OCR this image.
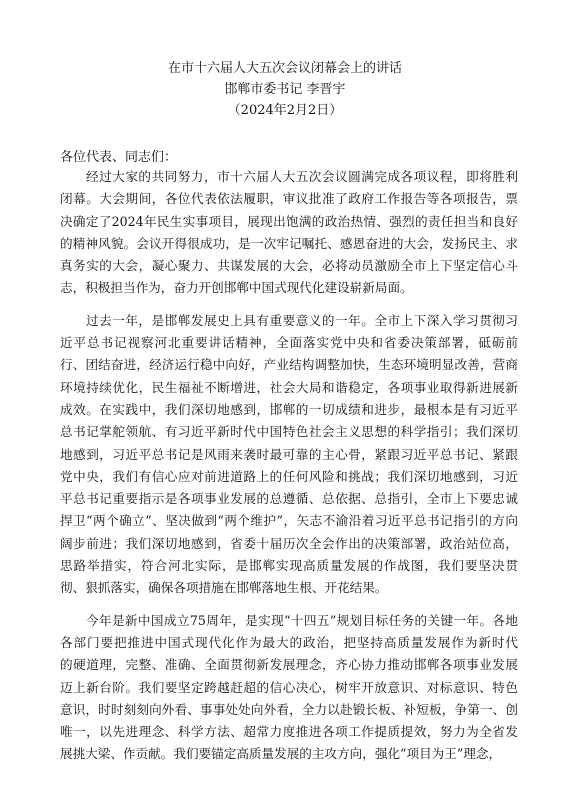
在市十六届人大五次会议闭幕会上的讲话
邯郸市委书记 李晋宇
（2024年2月2日）
各位代表、同志们：
经过大家的共同努力，市十六届人大五次会议圆满完成各项议程，即将胜利
闭幕。大会期间，各位代表依法履职，审议批准了政府工作报告等各项报告，票
决确定了2024年民生实事项目，展现出饱满的政治热情、强烈的责任担当和良好
的精神风貌。会议开得很成功，是一次牢记嘱托、感恩奋进的大会，发扬民主、求
真务实的大会，凝心聚力、共谋发展的大会，必将动员激励全市上下坚定信心斗
志，积极担当作为，奋力开创邯郸中国式现代化建设崭新局面。
过去一年，是邯郸发展史上具有重要意义的一年。全市上下深入学习贯彻习
近平总书记视察河北重要讲话精神，全面落实党中央和省委决策部署，砥砺前
行、团结奋进，经济运行稳中向好，产业结构调整加快，生态环境明显改善，营商
环境持续优化，民生福祉不断增进，社会大局和谐稳定，各项事业取得新进展新
成效。在实践中，我们深切地感到，邯郸的一切成绩和进步，最根本是有习近平
总书记掌舵领航、有习近平新时代中国特色社会主义思想的科学指引；我们深切
地感到，习近平总书记是风雨来袭时最可靠的主心骨，紧跟习近平总书记、紧跟
党中央，我们有信心应对前进道路上的任何风险和挑战；我们深切地感到，习近
平总书记重要指示是各项事业发展的总遵循、总依据、总指引，全市上下要忠诚
捍卫“两个确立”、坚决做到“两个维护”，矢志不渝沿着习近平总书记指引的方向
阔步前进；我们深切地感到，省委十届历次全会作出的决策部署，政治站位高，
思路举措实，符合河北实际，是邯郸实现高质量发展的作战图，我们要坚决贯
彻、狠抓落实，确保各项措施在邯郸落地生根、开花结果。
今年是新中国成立75周年，是实现“十四五”规划目标任务的关键一年。各地
各部门要把推进中国式现代化作为最大的政治，把坚持高质量发展作为新时代
的硬道理，完整、准确、全面贯彻新发展理念，齐心协力推动邯郸各项事业发展
迈上新台阶。我们要坚定跨越赶超的信心决心，树牢开放意识、对标意识、特色
意识，时时刻刻向外看、事事处处向外看，全力以赴锻长板、补短板，争第一、创
唯一，以先进理念、科学方法、超常力度推进各项工作提质提效，努力为全省发
展挑大梁、作贡献。我们要锚定高质量发展的主攻方向，强化“项目为王”理念，
